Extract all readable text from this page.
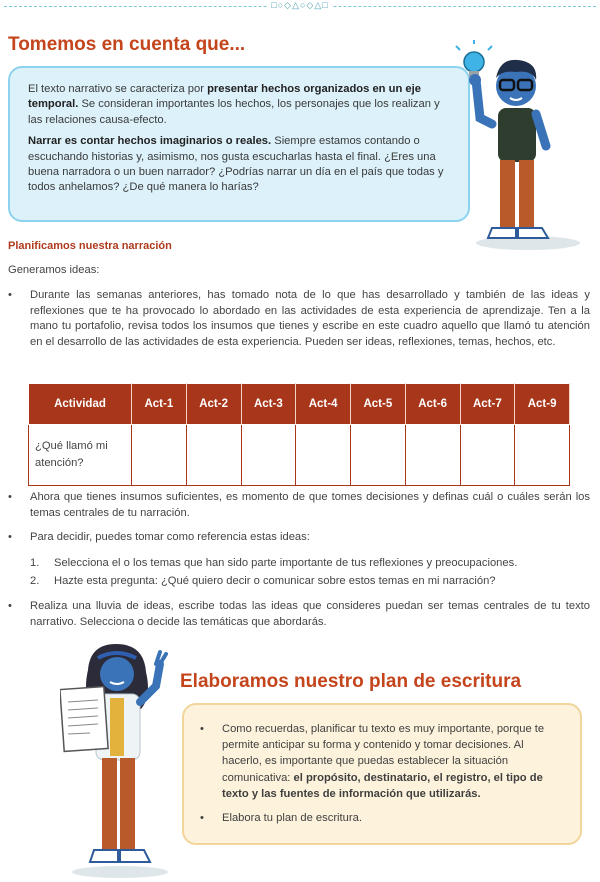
□○◇△○◇△□
Tomemos en cuenta que...

El texto narrativo se caracteriza por presentar hechos organizados en un eje temporal. Se consideran importantes los hechos, los personajes que los realizan y las relaciones causa-efecto.

Narrar es contar hechos imaginarios o reales. Siempre estamos contando o escuchando historias y, asimismo, nos gusta escucharlas hasta el final. ¿Eres una buena narradora o un buen narrador? ¿Podrías narrar un día en el país que todas y todos anhelamos? ¿De qué manera lo harías?

Planificamos nuestra narración
Generamos ideas:
• Durante las semanas anteriores, has tomado nota de lo que has desarrollado y también de las ideas y reflexiones que te ha provocado lo abordado en las actividades de esta experiencia de aprendizaje. Ten a la mano tu portafolio, revisa todos los insumos que tienes y escribe en este cuadro aquello que llamó tu atención en el desarrollo de las actividades de esta experiencia. Pueden ser ideas, reflexiones, temas, hechos, etc.
Actividad	Act-1	Act-2	Act-3	Act-4	Act-5	Act-6	Act-7	Act-9
¿Qué llamó mi atención?								
• Ahora que tienes insumos suficientes, es momento de que tomes decisiones y definas cuál o cuáles serán los temas centrales de tu narración.
• Para decidir, puedes tomar como referencia estas ideas:
1. Selecciona el o los temas que han sido parte importante de tus reflexiones y preocupaciones.
2. Hazte esta pregunta: ¿Qué quiero decir o comunicar sobre estos temas en mi narración?
• Realiza una lluvia de ideas, escribe todas las ideas que consideres puedan ser temas centrales de tu texto narrativo. Selecciona o decide las temáticas que abordarás.
Elaboramos nuestro plan de escritura
• Como recuerdas, planificar tu texto es muy importante, porque te permite anticipar su forma y contenido y tomar decisiones. Al hacerlo, es importante que puedas establecer la situación comunicativa: el propósito, destinatario, el registro, el tipo de texto y las fuentes de información que utilizarás.
• Elabora tu plan de escritura.
